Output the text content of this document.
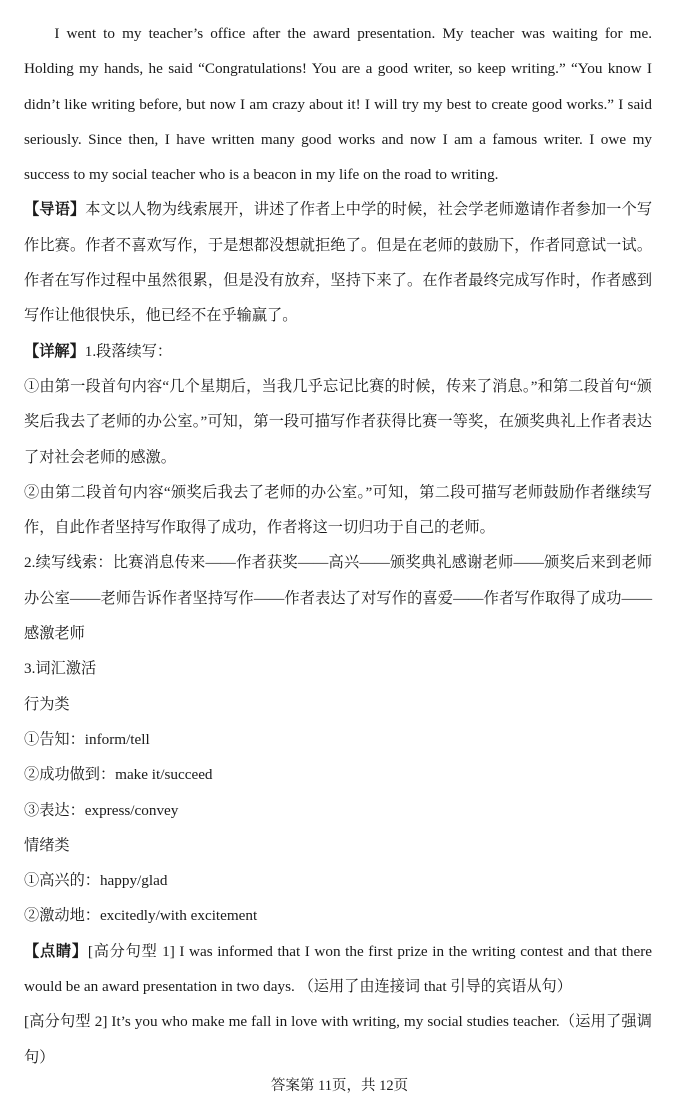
I went to my teacher’s office after the award presentation. My teacher was waiting for me. Holding my hands, he said “Congratulations! You are a good writer, so keep writing.” “You know I didn’t like writing before, but now I am crazy about it! I will try my best to create good works.” I said seriously. Since then, I have written many good works and now I am a famous writer. I owe my success to my social teacher who is a beacon in my life on the road to writing.

【导语】本文以人物为线索展开，讲述了作者上中学的时候，社会学老师邀请作者参加一个写作比赛。作者不喜欢写作，于是想都没想就拒绝了。但是在老师的鼓励下，作者同意试一试。作者在写作过程中虽然很累，但是没有放弃，坚持下来了。在作者最终完成写作时，作者感到写作让他很快乐，他已经不在乎输赢了。

【详解】1.段落续写：

①由第一段首句内容“几个星期后，当我几乎忘记比赛的时候，传来了消息。”和第二段首句“颁奖后我去了老师的办公室。”可知，第一段可描写作者获得比赛一等奖，在颁奖典礼上作者表达了对社会老师的感激。

②由第二段首句内容“颁奖后我去了老师的办公室。”可知，第二段可描写老师鼓励作者继续写作，自此作者坚持写作取得了成功，作者将这一切归功于自己的老师。

2.续写线索：比赛消息传来——作者获奖——高兴——颁奖典礼感谢老师——颁奖后来到老师办公室——老师告诉作者坚持写作——作者表达了对写作的喜爱——作者写作取得了成功——感激老师

3.词汇激活

行为类

①告知：inform/tell

②成功做到：make it/succeed

③表达：express/convey

情绪类

①高兴的：happy/glad

②激动地：excitedly/with excitement

【点睛】[高分句型 1] I was informed that I won the first prize in the writing contest and that there would be an award presentation in two days. （运用了由连接词 that 引导的宾语从句）

[高分句型 2] It’s you who make me fall in love with writing, my social studies teacher.（运用了强调句）

答案第 11页，共 12页
